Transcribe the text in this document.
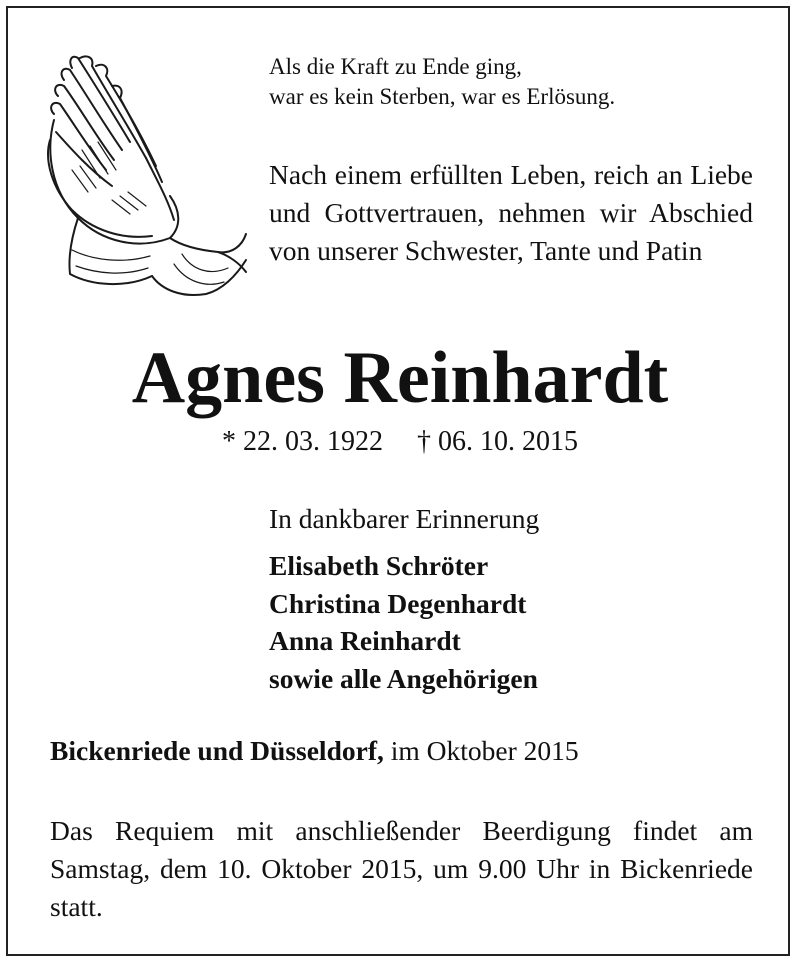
Als die Kraft zu Ende ging,
war es kein Sterben, war es Erlösung.
Nach einem erfüllten Leben, reich an Liebe und Gottvertrauen, nehmen wir Abschied von unserer Schwester, Tante und Patin
Agnes Reinhardt
* 22. 03. 1922 † 06. 10. 2015
In dankbarer Erinnerung
Elisabeth Schröter
Christina Degenhardt
Anna Reinhardt
sowie alle Angehörigen
Bickenriede und Düsseldorf, im Oktober 2015
Das Requiem mit anschließender Beerdigung findet am Samstag, dem 10. Oktober 2015, um 9.00 Uhr in Bickenriede statt.
